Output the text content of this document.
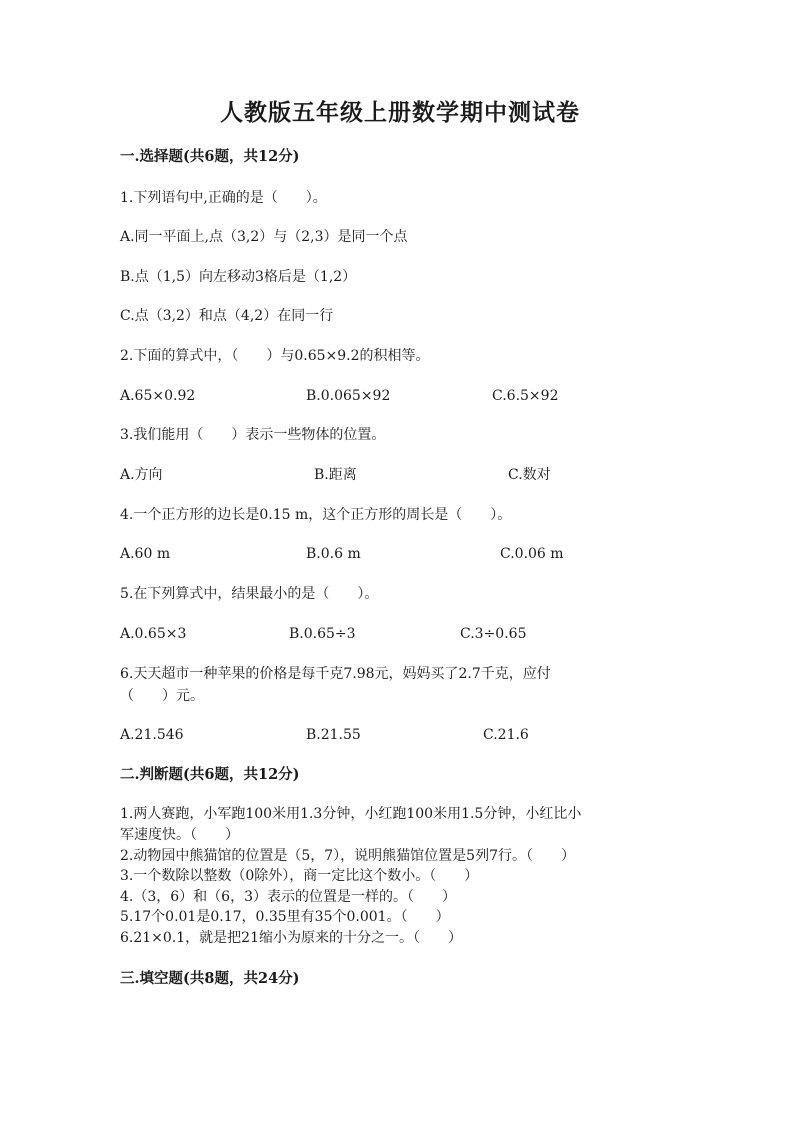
人教版五年级上册数学期中测试卷
一.选择题(共6题，共12分)
1.下列语句中,正确的是（　　）。
A.同一平面上,点（3,2）与（2,3）是同一个点
B.点（1,5）向左移动3格后是（1,2）
C.点（3,2）和点（4,2）在同一行
2.下面的算式中，（　　）与0.65×9.2的积相等。
A.65×0.92	B.0.065×92	C.6.5×92
3.我们能用（　　）表示一些物体的位置。
A.方向	B.距离	C.数对
4.一个正方形的边长是0.15 m，这个正方形的周长是（　　）。
A.60 m	B.0.6 m	C.0.06 m
5.在下列算式中，结果最小的是（　　）。
A.0.65×3	B.0.65÷3	C.3÷0.65
6.天天超市一种苹果的价格是每千克7.98元，妈妈买了2.7千克，应付
（　　）元。
A.21.546	B.21.55	C.21.6
二.判断题(共6题，共12分)
1.两人赛跑，小军跑100米用1.3分钟，小红跑100米用1.5分钟，小红比小
军速度快。（　　）
2.动物园中熊猫馆的位置是（5，7），说明熊猫馆位置是5列7行。（　　）
3.一个数除以整数（0除外），商一定比这个数小。（　　）
4.（3，6）和（6，3）表示的位置是一样的。（　　）
5.17个0.01是0.17，0.35里有35个0.001。（　　）
6.21×0.1，就是把21缩小为原来的十分之一。（　　）
三.填空题(共8题，共24分)
